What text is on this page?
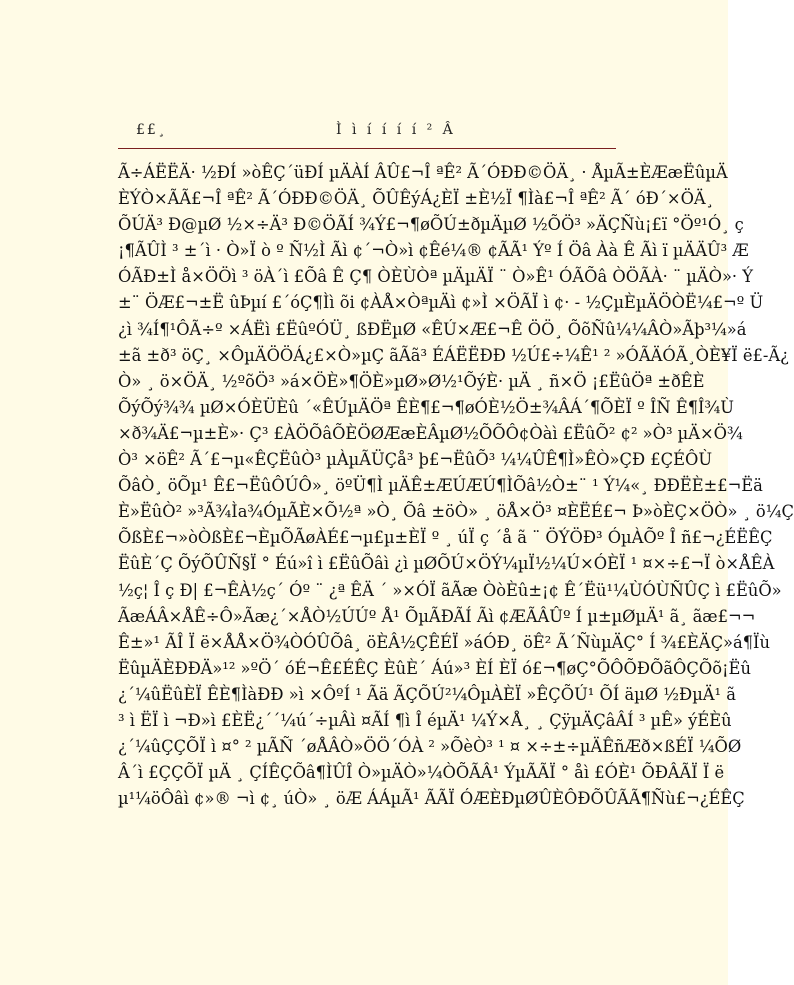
££¸	Ì ì í í í í ² Â
Ã÷ÁËËÄ· ½ÐÍ »òÊÇ´üÐÍ µÄÀÍ ÂÛ£¬Î ªÊ² Ã´ÓÐÐ©ÖÄ¸ · ÅµÃ±ÈÆæËûµÄ
ÈÝÒ×ÃÃ£¬Î ªÊ² Ã´ÓÐÐ©ÖÄ¸ ÕÛÊýÁ¿ÈÏ ±È½Ï ¶Ìà£¬Î ªÊ² Ã´ óÐ´×ÖÄ¸
ÕÚÄ³ Ð@µØ ½×÷Ä³ Ð©ÖÃÍ ¾Ý£¬¶øÕÚ±ðµÄµØ ½ÕÖ³ »ÄÇÑù¡£ï °Öº¹Ó¸ ç
¡¶ÃÛÌ ³ ±´ì · Ò»Ï ò º Ñ½Ì Ãì ¢´¬Ò»ì ¢Êé¼® ¢ÃÃ¹ Ýº Í Öâ Àà Ê Ãì ï µÄÄÛ³ Æ
ÓÃÐ±Ì å×ÖÖì ³ öÀ´ì £Õâ Ê Ç¶ ÒÈÙÒª µÄµÄÏ ¨ Ò»Ê¹ ÓÃÕâ ÒÖÃÀ· ¨ µÄÒ»· Ý
±¨ ÖÆ£¬±Ë ûÞµí £´óÇ¶Ìì õi ¢ÀÅ×ÒªµÄì ¢»Ì ×ÖÃÏ ì ¢· - ½ÇµÈµÄÖÒË¼£¬º Ü
¿ì ¾Í¶¹ÔÃ÷º ×ÁËì £ËûºÓÜ¸ ßÐËµØ «ÊÚ×Æ£¬Ê ÖÖ¸ ÕõÑû¼¼ÂÒ»Ãþ³¼»á
±ã ±ð³ öÇ¸ ×ÔµÄÖÖÁ¿£×Ò»µÇ ãÃã³ ÉÁËËÐÐ ½Ú£÷¼Ê¹ ² »ÓÃÄÓÃ¸ÒÈ¥Ï ë£-Ã¿
Ò» ¸ ö×ÖÄ¸ ½ºõÖ³ »á×ÖÈ»¶ÖÈ»µØ»Ø½¹ÕýÈ· µÄ ¸ ñ×Ö ¡£ËûÖª ±ðÊÈ
ÕýÕý¾¾ µØ×ÓÈÜÈû ´«ÊÚµÄÖª ÊÈ¶£¬¶øÓÈ½Ö±¾ÂÁ´¶ÕÈÏ º ÎÑ Ê¶Î¾Ù
×ð¾Ä£¬µ±È»· Ç³ £ÀÖÕâÕÈÖØÆæÈÂµØ½ÕÕÔ¢Òàì £ËûÕ² ¢² »Ò³ µÄ×Ö¾
Ò³ ×öÊ² Ã´£¬µ«ÊÇËûÒ³ µÀµÃÜÇå³ þ£¬ËûÕ³ ¼¼ÛÊ¶Ì»ÊÒ»ÇÐ £ÇÉÔÙ
ÕâÒ¸ öÕµ¹ Ê£¬ËûÔÚÔ»¸ öºÜ¶Ì µÄÊ±ÆÚÆÚ¶ÌÕâ½Ò±¨ ¹ Ý¼«¸ ÐÐËÈ±£¬Ëä
È»ËûÒ² »³Ã¾Ìa¾ÓµÃÈ×Õ½ª »Ò¸ Õâ ±öÒ» ¸ öÅ×Ö³ ¤ÈËÉ£¬ Þ»òÈÇ×ÖÒ» ¸ ö¼Ç
ÕßÈ£¬»òÒßÈ£¬ÈµÕÃøÀÉ£¬µ£µ±ÈÏ º ¸ úÏ ç ´å ã ¨ ÖÝÖÐ³ ÓµÀÕº Î ñ£¬¿ÉËÊÇ
ËûÈ´Ç ÕýÕÛÑ§Ï ° Éú»î ì £ËûÕâì ¿ì µØÕÚ×ÖÝ¼µÏ½¼Ú×ÓÈÏ ¹ ¤×÷£¬Ï ò×ÅÊÀ
½ç¦ Î ç Ð| £¬ÊÀ½ç´ Óº ¨ ¿ª ÊÄ ´ »×ÓÏ ãÃæ ÒòÈû±¡¢ Ê´Ëü¹¼ÙÓÙÑÛÇ ì £ËûÕ»
ÃæÁÂ×ÅÊ÷Ô»Ãæ¿´×ÅÒ½ÚÚº Å¹ ÕµÃÐÃÍ Ãì ¢ÆÃÂÛº Í µ±µØµÄ¹ ã¸ ãæ£¬¬
Ê±»¹ ÃÎ Ï ë×ÅÅ×Ö¾ÒÓÛÕâ¸ öÈÂ½ÇÊÉÏ »áÓÐ¸ öÊ² Ã´ÑùµÄÇ° Í ¾£ÈÄÇ»á¶Ïù
ËûµÄÈÐÐÄ»¹² »ºÖ´ óÉ¬Ê£ÉÊÇ ÈûÈ´ Áú»³ ÈÍ ÈÏ ó£¬¶øÇ°ÕÔÕÐÕãÔÇÕõ¡Ëû
¿´¼ûËûÈÏ ÊÈ¶ÌàÐÐ »ì ×ÔºÍ ¹ Ãä ÃÇÕÚ²¼ÔµÀÈÏ »ÊÇÕÚ¹ ÕÍ äµØ ½ÐµÄ¹ ã
³ ì ËÏ ì ¬Ð»ì £ÈË¿´´¼ú´÷µÂì ¤ÃÍ ¶ì Î éµÄ¹ ¼Ý×Å¸ ¸ ÇÿµÄÇâÂÍ ³ µÊ» ýÉÈû
¿´¼ûÇÇÕÏ ì ¤° ² µÃÑ ´øÅÂÒ»ÖÖ´ÓÀ ² »ÕèÒ³ ¹ ¤ ×÷±÷µÄÊñÆð×ßÉÏ ¼ÕØ
Â´ì £ÇÇÕÏ µÄ ¸ ÇÍÊÇÕâ¶ÌÛÎ Ò»µÄÒ»¼ÒÕÃÂ¹ ÝµÃÃÏ ° åì £ÓÈ¹ ÕÐÂÃÏ Ï ë
µ¹¼öÔâì ¢»® ¬ì ¢¸ úÒ» ¸ öÆ ÁÁµÃ¹ ÃÃÏ ÓÆÈÐµØÛÈÔÐÕÛÃÃ¶Ñù£¬¿ÉÊÇ
